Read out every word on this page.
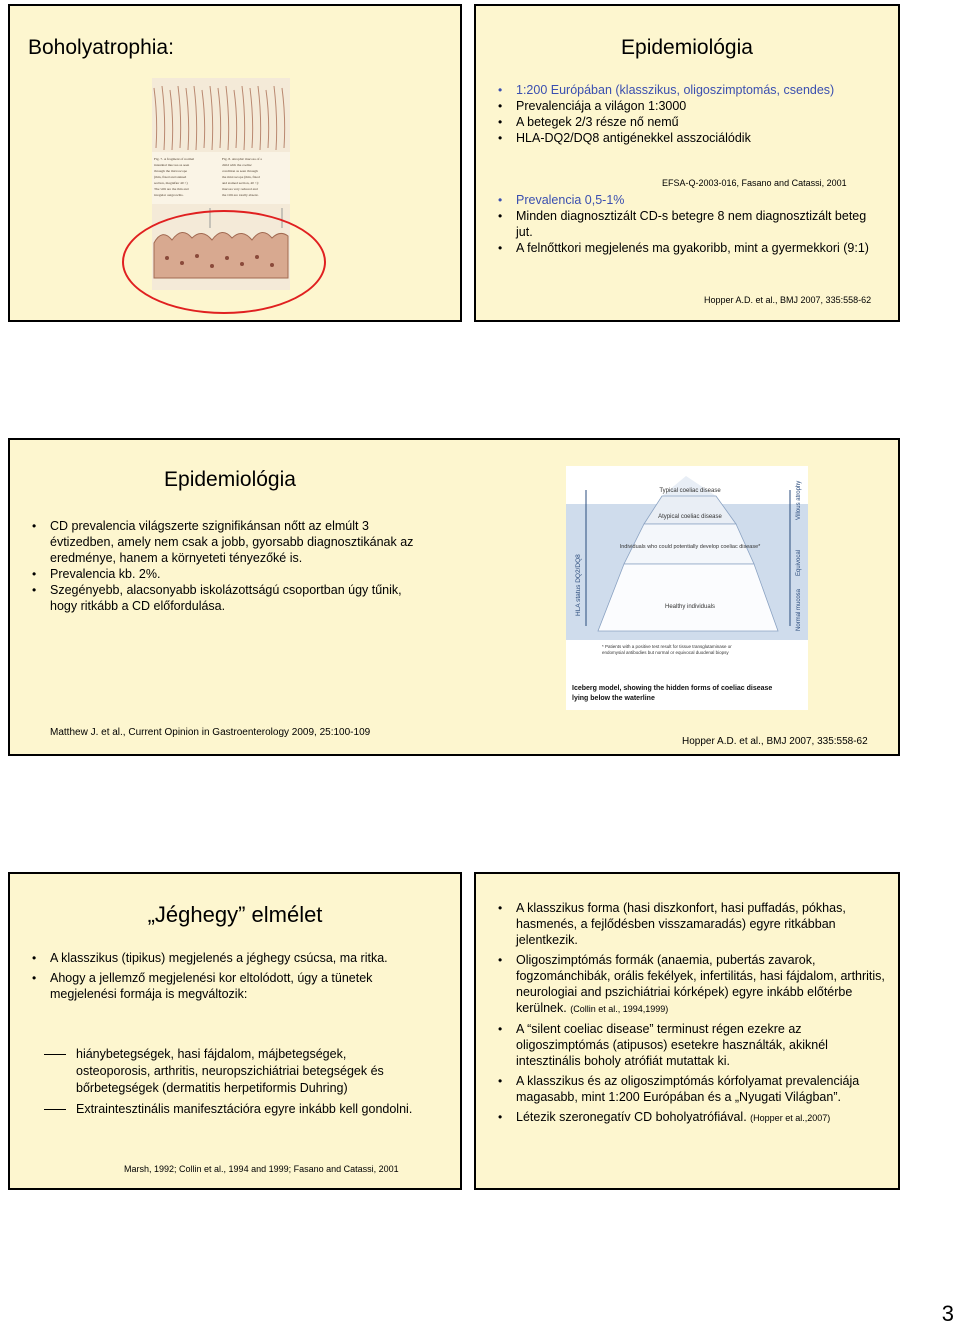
Boholyatrophia:
Fig. 7. A fragment of normal
intestinal mucosa as seen
through the microscope
(thin, fixed and stained
section, magnifier 40 ×)
The villi are the thin and
irregular outgrowths.
Fig. 8. Atrophic mucosa of a
child with the coeliac
condition as seen through
the microscope (thin, fixed
and stained section, 40 ×):
mucosa very reduced and
the villi are totally absent.
Epidemiológia
• 1:200 Európában (klasszikus, oligoszimptomás, csendes)
• Prevalenciája a világon 1:3000
• A betegek 2/3 része nő nemű
• HLA-DQ2/DQ8 antigénekkel asszociálódik
EFSA-Q-2003-016, Fasano and Catassi, 2001
• Prevalencia 0,5-1%
• Minden diagnosztizált CD-s betegre 8 nem diagnosztizált beteg jut.
• A felnőttkori megjelenés ma gyakoribb, mint a gyermekkori (9:1)
Hopper A.D. et al., BMJ 2007, 335:558-62
Epidemiológia
• CD prevalencia világszerte szignifikánsan nőtt az elmúlt 3 évtizedben, amely nem csak a jobb, gyorsabb diagnosztikának az eredménye, hanem a környeteti tényezőké is.
• Prevalencia kb. 2%.
• Szegényebb, alacsonyabb iskolázottságú csoportban úgy tűnik, hogy ritkább a CD előfordulása.
Matthew J. et al., Current Opinion in Gastroenterology 2009, 25:100-109
Hopper A.D. et al., BMJ 2007, 335:558-62
Typical coeliac disease
Atypical coeliac disease
Individuals who could potentially develop coeliac disease*
Healthy individuals
HLA status DQ2/DQ8
Villous atrophy
Equivocal
Normal mucosa
* Patients with a positive test result for tissue transglutaminase or
endomysial antibodies but normal or equivocal duodenal biopsy
Iceberg model, showing the hidden forms of coeliac disease
lying below the waterline
„Jéghegy” elmélet
• A klasszikus (tipikus) megjelenés a jéghegy csúcsa, ma ritka.
• Ahogy a jellemző megjelenési kor eltolódott, úgy a tünetek megjelenési formája is megváltozik:
hiánybetegségek, hasi fájdalom, májbetegségek, osteoporosis, arthritis, neuropszichiátriai betegségek és bőrbetegségek (dermatitis herpetiformis Duhring)
Extraintesztinális manifesztációra egyre inkább kell gondolni.
Marsh, 1992; Collin et al., 1994 and 1999; Fasano and Catassi, 2001
• A klasszikus forma (hasi diszkonfort, hasi puffadás, pókhas, hasmenés, a fejlődésben visszamaradás) egyre ritkábban jelentkezik.
• Oligoszimptómás formák (anaemia, pubertás zavarok, fogzománchibák, orális fekélyek, infertilitás, hasi fájdalom, arthritis, neurologiai and pszichiátriai kórképek) egyre inkább előtérbe kerülnek. (Collin et al., 1994,1999)
• A “silent coeliac disease” terminust régen ezekre az oligoszimptómás (atipusos) esetekre használták, akiknél intesztinális boholy atrófiát mutattak ki.
• A klasszikus és az oligoszimptómás kórfolyamat prevalenciája magasabb, mint 1:200 Európában és a „Nyugati Világban”.
• Létezik szeronegatív CD boholyatrófiával. (Hopper et al.,2007)
3
